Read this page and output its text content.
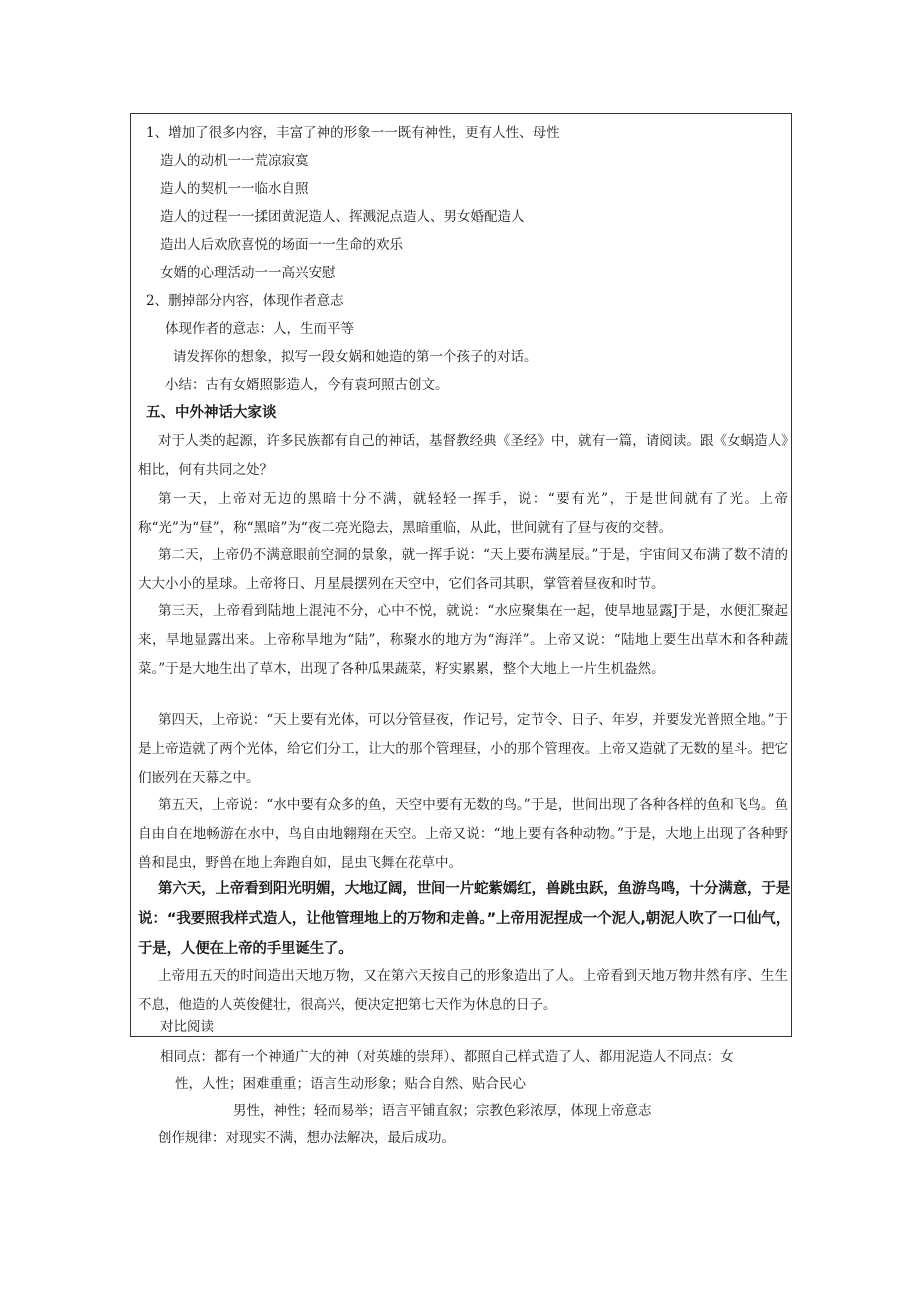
1、增加了很多内容，丰富了神的形象一一既有神性，更有人性、母性
造人的动机一一荒凉寂寞
造人的契机一一临水自照
造人的过程一一揉团黄泥造人、挥溅泥点造人、男女婚配造人
造出人后欢欣喜悦的场面一一生命的欢乐
女婿的心理活动一一高兴安慰
2、删掉部分内容，体现作者意志
体现作者的意志：人，生而平等
请发挥你的想象，拟写一段女娲和她造的第一个孩子的对话。
小结：古有女婿照影造人，今有袁珂照古创文。
五、中外神话大家谈
对于人类的起源，许多民族都有自己的神话，基督教经典《圣经》中，就有一篇，请阅读。跟《女蜗造人》相比，何有共同之处？
第一天，上帝对无边的黑暗十分不满，就轻轻一挥手，说：“要有光”，于是世间就有了光。上帝称“光”为“昼”，称“黑暗”为“夜二亮光隐去，黑暗重临，从此，世间就有了昼与夜的交替。
第二天，上帝仍不满意眼前空洞的景象，就一挥手说：“天上要布满星辰。”于是，宇宙间又布满了数不清的大大小小的星球。上帝将日、月星晨摆列在天空中，它们各司其职，掌管着昼夜和时节。
第三天，上帝看到陆地上混沌不分，心中不悦，就说：“水应聚集在一起，使旱地显露J于是，水便汇聚起来，旱地显露出来。上帝称旱地为“陆”，称聚水的地方为“海洋”。上帝又说：“陆地上要生出草木和各种蔬菜。”于是大地生出了草木，出现了各种瓜果蔬菜，籽实累累，整个大地上一片生机盎然。
第四天，上帝说：“天上要有光体，可以分管昼夜，作记号，定节令、日子、年岁，并要发光普照全地。”于是上帝造就了两个光体，给它们分工，让大的那个管理昼，小的那个管理夜。上帝又造就了无数的星斗。把它们嵌列在天幕之中。
第五天，上帝说：“水中要有众多的鱼，天空中要有无数的鸟。”于是，世间出现了各种各样的鱼和飞鸟。鱼自由自在地畅游在水中，鸟自由地翱翔在天空。上帝又说：“地上要有各种动物。”于是，大地上出现了各种野兽和昆虫，野兽在地上奔跑自如，昆虫飞舞在花草中。
第六天，上帝看到阳光明媚，大地辽阔，世间一片蛇紫嫣红，兽跳虫跃，鱼游鸟鸣，十分满意，于是说：“我要照我样式造人，让他管理地上的万物和走兽。”上帝用泥捏成一个泥人,朝泥人吹了一口仙气，于是，人便在上帝的手里诞生了。
上帝用五天的时间造出天地万物，又在第六天按自己的形象造出了人。上帝看到天地万物井然有序、生生不息，他造的人英俊健壮，很高兴，便决定把第七天作为休息的日子。
对比阅读
相同点：都有一个神通广大的神（对英雄的崇拜）、都照自己样式造了人、都用泥造人不同点：女
性，人性；困难重重；语言生动形象；贴合自然、贴合民心
男性，神性；轻而易举；语言平铺直叙；宗教色彩浓厚，体现上帝意志
创作规律：对现实不满，想办法解决，最后成功。
